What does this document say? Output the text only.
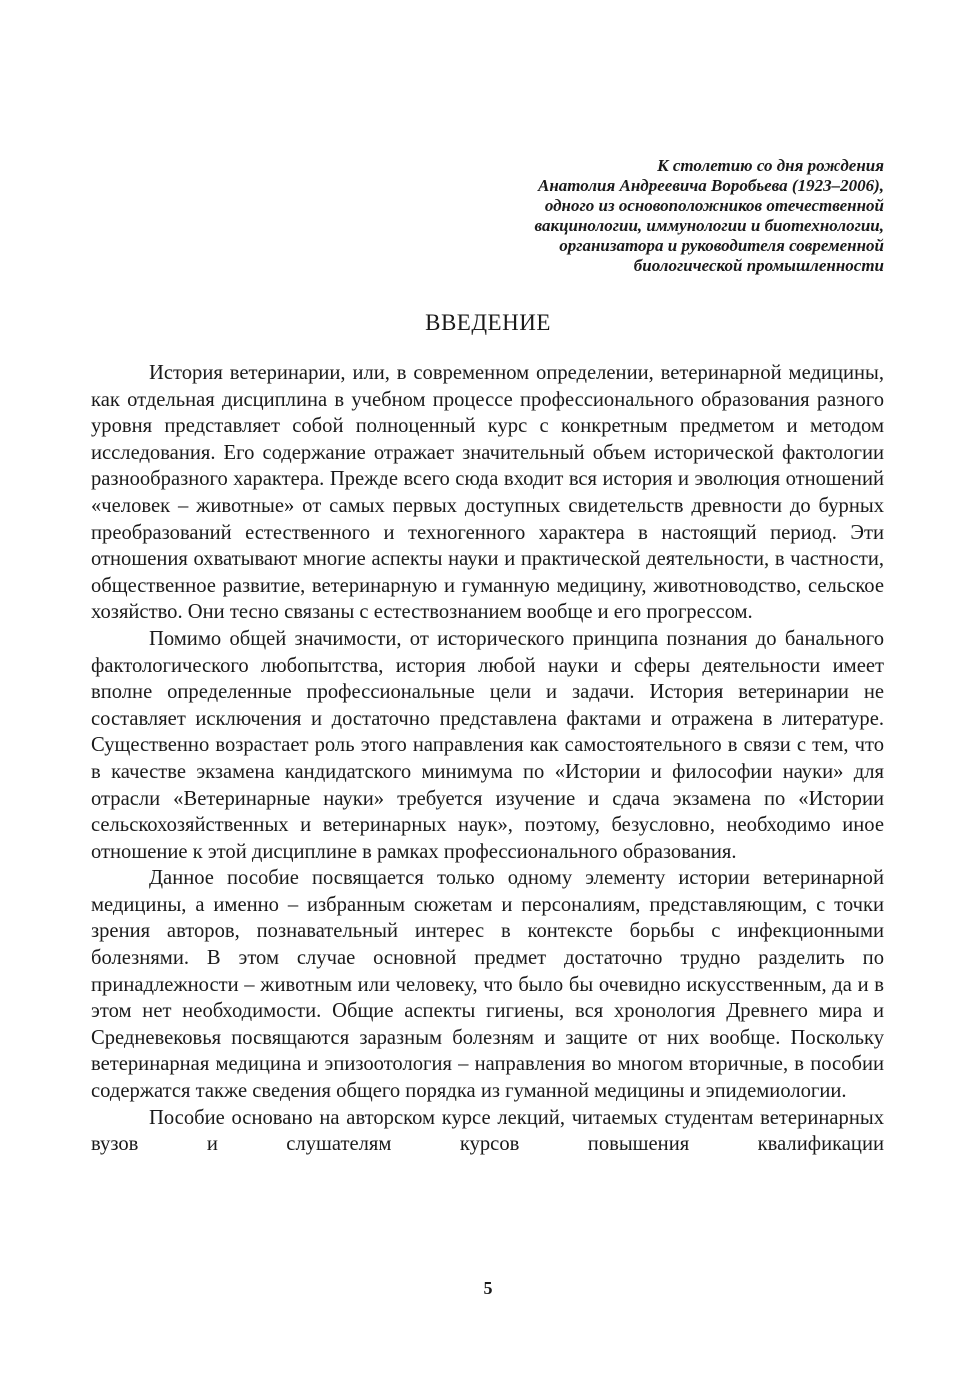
К столетию со дня рождения
Анатолия Андреевича Воробьева (1923–2006),
одного из основоположников отечественной
вакцинологии, иммунологии и биотехнологии,
организатора и руководителя современной
биологической промышленности
ВВЕДЕНИЕ

История ветеринарии, или, в современном определении, ветеринарной медицины, как отдельная дисциплина в учебном процессе профессионального образования разного уровня представляет собой полноценный курс с конкретным предметом и методом исследования. Его содержание отражает значительный объем исторической фактологии разнообразного характера. Прежде всего сюда входит вся история и эволюция отношений «человек – животные» от самых первых доступных свидетельств древности до бурных преобразований естественного и техногенного характера в настоящий период. Эти отношения охватывают многие аспекты науки и практической деятельности, в частности, общественное развитие, ветеринарную и гуманную медицину, животноводство, сельское хозяйство. Они тесно связаны с естествознанием вообще и его прогрессом.

Помимо общей значимости, от исторического принципа познания до банального фактологического любопытства, история любой науки и сферы деятельности имеет вполне определенные профессиональные цели и задачи. История ветеринарии не составляет исключения и достаточно представлена фактами и отражена в литературе. Существенно возрастает роль этого направления как самостоятельного в связи с тем, что в качестве экзамена кандидатского минимума по «Истории и философии науки» для отрасли «Ветеринарные науки» требуется изучение и сдача экзамена по «Истории сельскохозяйственных и ветеринарных наук», поэтому, безусловно, необходимо иное отношение к этой дисциплине в рамках профессионального образования.

Данное пособие посвящается только одному элементу истории ветеринарной медицины, а именно – избранным сюжетам и персоналиям, представляющим, с точки зрения авторов, познавательный интерес в контексте борьбы с инфекционными болезнями. В этом случае основной предмет достаточно трудно разделить по принадлежности – животным или человеку, что было бы очевидно искусственным, да и в этом нет необходимости. Общие аспекты гигиены, вся хронология Древнего мира и Средневековья посвящаются заразным болезням и защите от них вообще. Поскольку ветеринарная медицина и эпизоотология – направления во многом вторичные, в пособии содержатся также сведения общего порядка из гуманной медицины и эпидемиологии.

Пособие основано на авторском курсе лекций, читаемых студентам ветеринарных вузов и слушателям курсов повышения квалификации

5
